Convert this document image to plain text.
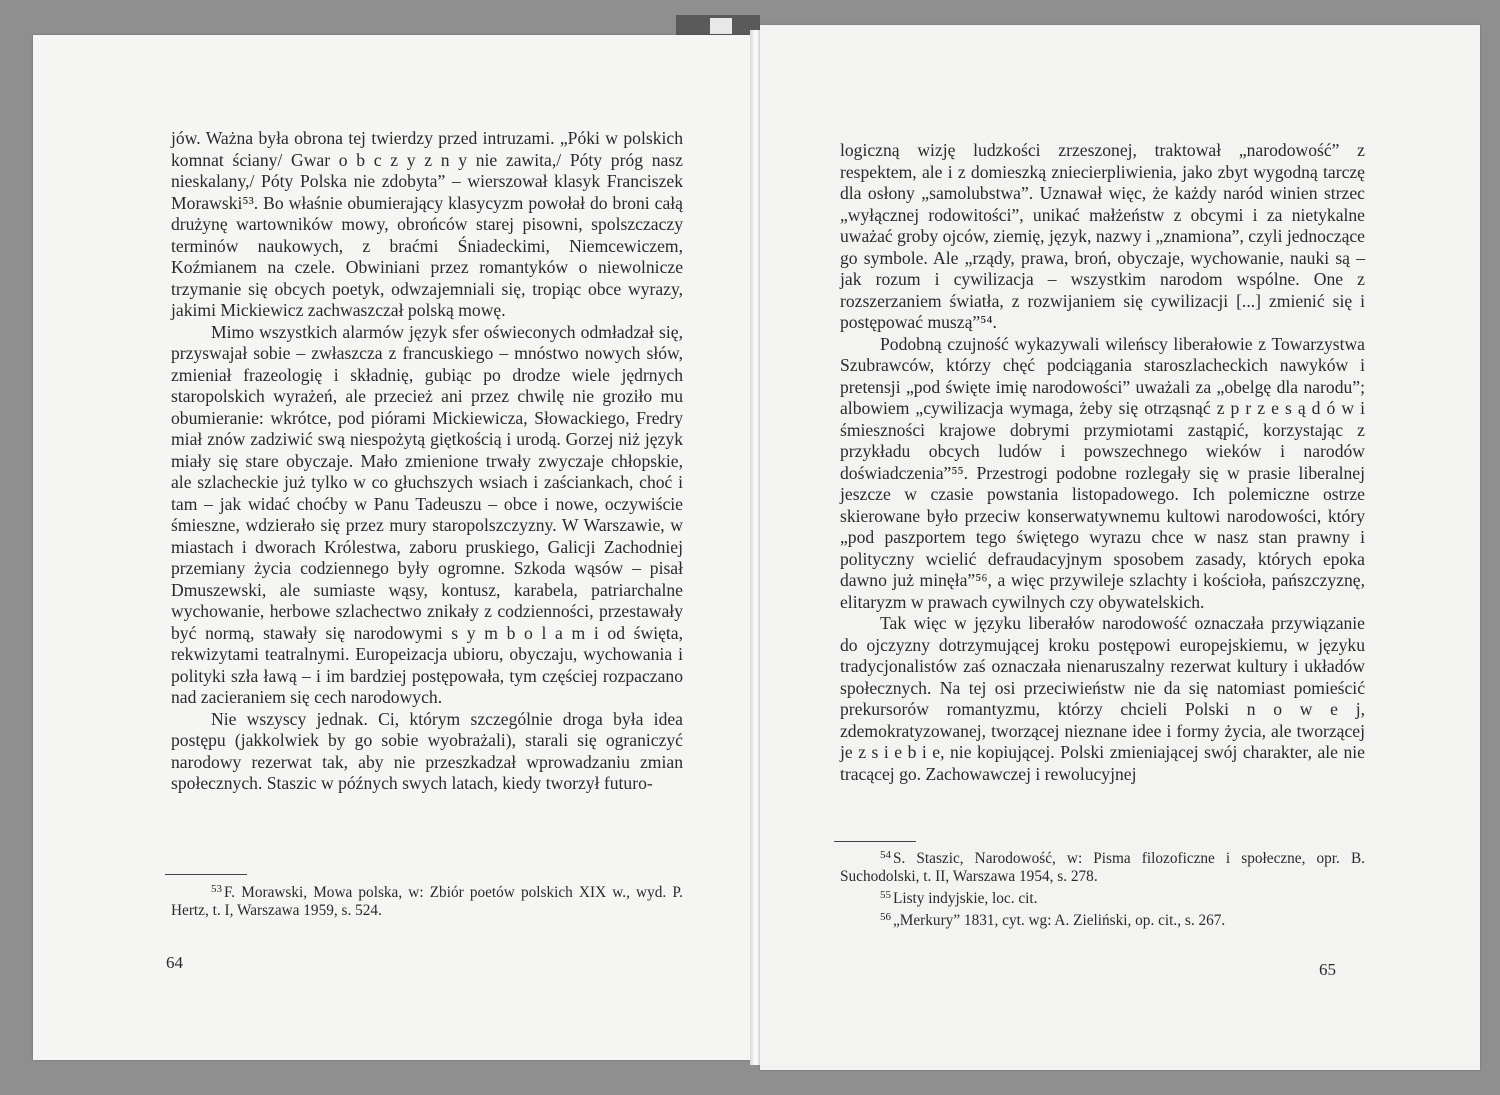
jów. Ważna była obrona tej twierdzy przed intruzami. „Póki w polskich komnat ściany/ Gwar o b c z y z n y nie zawita,/ Póty próg nasz nieskalany,/ Póty Polska nie zdobyta” – wierszował klasyk Franciszek Morawski⁵³. Bo właśnie obumierający klasycyzm powołał do broni całą drużynę wartowników mowy, obrońców starej pisowni, spolszczaczy terminów naukowych, z braćmi Śniadeckimi, Niemcewiczem, Koźmianem na czele. Obwiniani przez romantyków o niewolnicze trzymanie się obcych poetyk, odwzajemniali się, tropiąc obce wyrazy, jakimi Mickiewicz zachwaszczał polską mowę.

Mimo wszystkich alarmów język sfer oświeconych odmładzał się, przyswajał sobie – zwłaszcza z francuskiego – mnóstwo nowych słów, zmieniał frazeologię i składnię, gubiąc po drodze wiele jędrnych staropolskich wyrażeń, ale przecież ani przez chwilę nie groziło mu obumieranie: wkrótce, pod piórami Mickiewicza, Słowackiego, Fredry miał znów zadziwić swą niespożytą giętkością i urodą. Gorzej niż język miały się stare obyczaje. Mało zmienione trwały zwyczaje chłopskie, ale szlacheckie już tylko w co głuchszych wsiach i zaściankach, choć i tam – jak widać choćby w Panu Tadeuszu – obce i nowe, oczywiście śmieszne, wdzierało się przez mury staropolszczyzny. W Warszawie, w miastach i dworach Królestwa, zaboru pruskiego, Galicji Zachodniej przemiany życia codziennego były ogromne. Szkoda wąsów – pisał Dmuszewski, ale sumiaste wąsy, kontusz, karabela, patriarchalne wychowanie, herbowe szlachectwo znikały z codzienności, przestawały być normą, stawały się narodowymi s y m b o l a m i od święta, rekwizytami teatralnymi. Europeizacja ubioru, obyczaju, wychowania i polityki szła ławą – i im bardziej postępowała, tym częściej rozpaczano nad zacieraniem się cech narodowych.

Nie wszyscy jednak. Ci, którym szczególnie droga była idea postępu (jakkolwiek by go sobie wyobrażali), starali się ograniczyć narodowy rezerwat tak, aby nie przeszkadzał wprowadzaniu zmian społecznych. Staszic w późnych swych latach, kiedy tworzył futuro-

$^{53}$ F. Morawski, Mowa polska, w: Zbiór poetów polskich XIX w., wyd. P. Hertz, t. I, Warszawa 1959, s. 524.

64

logiczną wizję ludzkości zrzeszonej, traktował „narodowość” z respektem, ale i z domieszką zniecierpliwienia, jako zbyt wygodną tarczę dla osłony „samolubstwa”. Uznawał więc, że każdy naród winien strzec „wyłącznej rodowitości”, unikać małżeństw z obcymi i za nietykalne uważać groby ojców, ziemię, język, nazwy i „znamiona”, czyli jednoczące go symbole. Ale „rządy, prawa, broń, obyczaje, wychowanie, nauki są – jak rozum i cywilizacja – wszystkim narodom wspólne. One z rozszerzaniem światła, z rozwijaniem się cywilizacji [...] zmienić się i postępować muszą”⁵⁴.

Podobną czujność wykazywali wileńscy liberałowie z Towarzystwa Szubrawców, którzy chęć podciągania staroszlacheckich nawyków i pretensji „pod święte imię narodowości” uważali za „obelgę dla narodu”; albowiem „cywilizacja wymaga, żeby się otrząsnąć z p r z e s ą d ó w i śmieszności krajowe dobrymi przymiotami zastąpić, korzystając z przykładu obcych ludów i powszechnego wieków i narodów doświadczenia”⁵⁵. Przestrogi podobne rozlegały się w prasie liberalnej jeszcze w czasie powstania listopadowego. Ich polemiczne ostrze skierowane było przeciw konserwatywnemu kultowi narodowości, który „pod paszportem tego świętego wyrazu chce w nasz stan prawny i polityczny wcielić defraudacyjnym sposobem zasady, których epoka dawno już minęła”⁵⁶, a więc przywileje szlachty i kościoła, pańszczyznę, elitaryzm w prawach cywilnych czy obywatelskich.

Tak więc w języku liberałów narodowość oznaczała przywiązanie do ojczyzny dotrzymującej kroku postępowi europejskiemu, w języku tradycjonalistów zaś oznaczała nienaruszalny rezerwat kultury i układów społecznych. Na tej osi przeciwieństw nie da się natomiast pomieścić prekursorów romantyzmu, którzy chcieli Polski n o w e j, zdemokratyzowanej, tworzącej nieznane idee i formy życia, ale tworzącej je z s i e b i e, nie kopiującej. Polski zmieniającej swój charakter, ale nie tracącej go. Zachowawczej i rewolucyjnej

$^{54}$ S. Staszic, Narodowość, w: Pisma filozoficzne i społeczne, opr. B. Suchodolski, t. II, Warszawa 1954, s. 278.

$^{55}$ Listy indyjskie, loc. cit.

$^{56}$ „Merkury” 1831, cyt. wg: A. Zieliński, op. cit., s. 267.

65
